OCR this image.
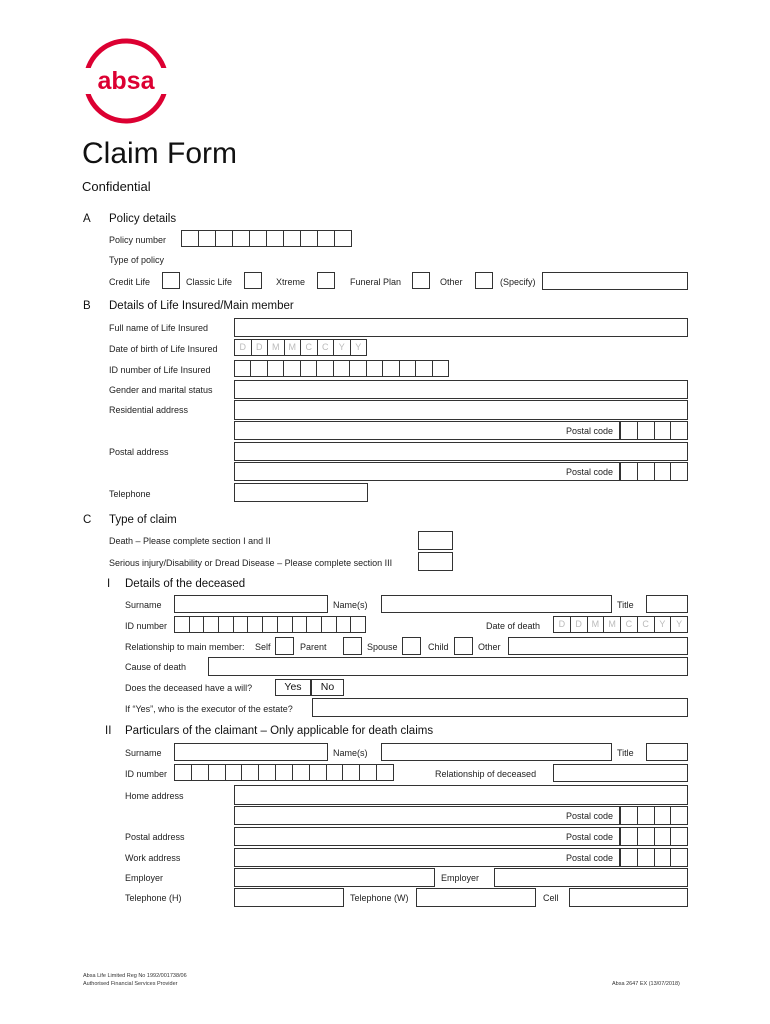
absa
Claim Form
Confidential
A Policy details
Policy number
Type of policy
Credit Life	Classic Life	Xtreme	Funeral Plan	Other	(Specify)
B Details of Life Insured/Main member
Full name of Life Insured
Date of birth of Life Insured	D	D	M	M	C	C	Y	Y
ID number of Life Insured
Gender and marital status
Residential address
Postal code
Postal address
Postal code
Telephone
C Type of claim
Death – Please complete section I and II
Serious injury/Disability or Dread Disease – Please complete section III
I Details of the deceased
Surname	Name(s)	Title
ID number	Date of death	D	D	M	M	C	C	Y	Y
Relationship to main member: Self	Parent	Spouse	Child	Other
Cause of death
Does the deceased have a will?	Yes	No
If “Yes”, who is the executor of the estate?
II Particulars of the claimant – Only applicable for death claims
Surname	Name(s)	Title
ID number	Relationship of deceased
Home address
Postal code
Postal address	Postal code
Work address	Postal code
Employer	Employer
Telephone (H)	Telephone (W)	Cell
Absa Life Limited Reg No 1992/001738/06
Authorised Financial Services Provider	Absa 2647 EX (13/07/2018)
